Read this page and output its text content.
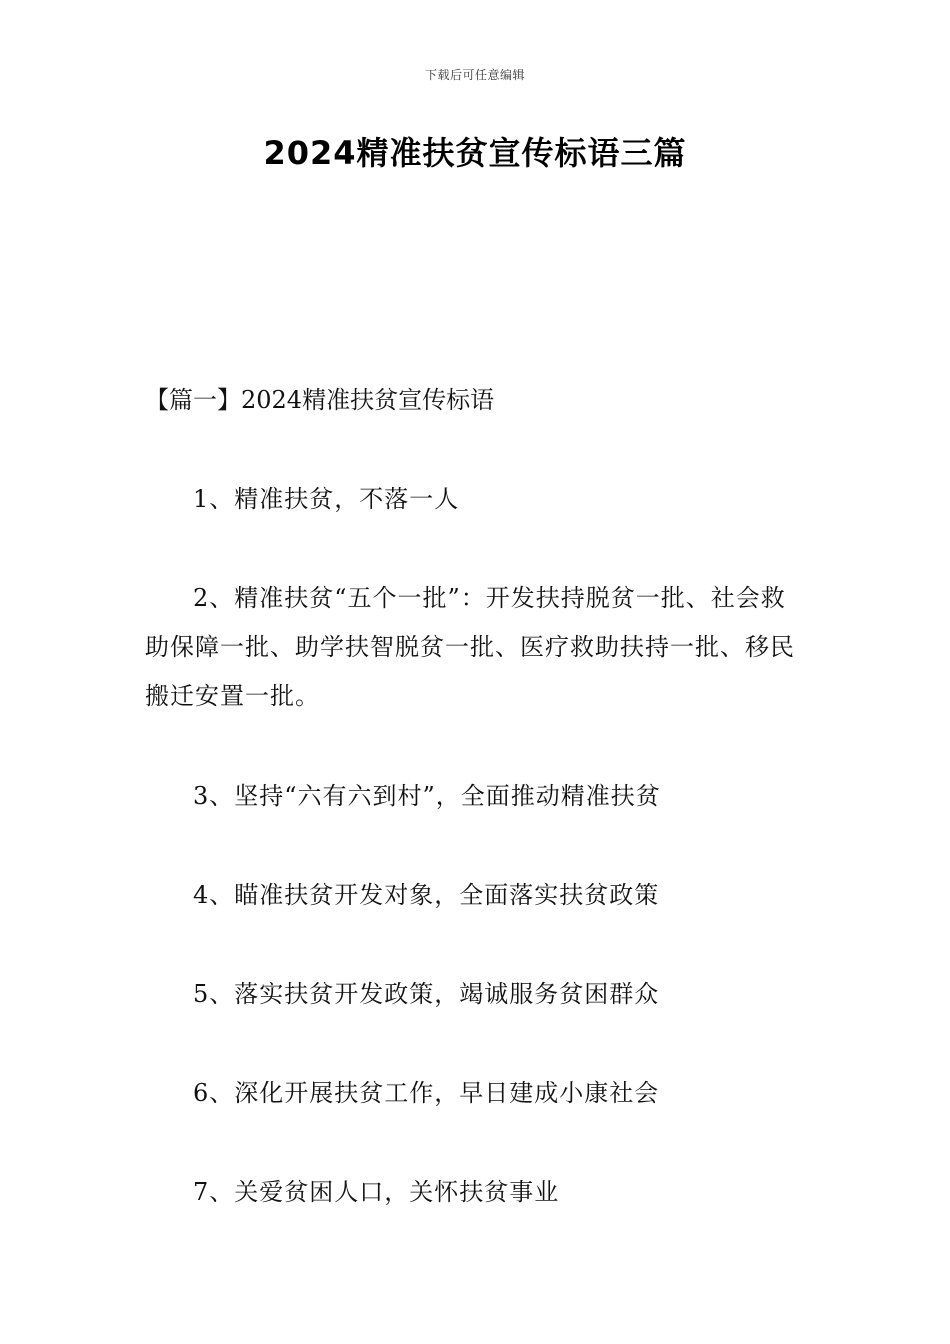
下载后可任意编辑
2024精准扶贫宣传标语三篇
【篇一】2024精准扶贫宣传标语

1、精准扶贫，不落一人

2、精准扶贫“五个一批”：开发扶持脱贫一批、社会救助保障一批、助学扶智脱贫一批、医疗救助扶持一批、移民搬迁安置一批。

3、坚持“六有六到村”，全面推动精准扶贫

4、瞄准扶贫开发对象，全面落实扶贫政策

5、落实扶贫开发政策，竭诚服务贫困群众

6、深化开展扶贫工作，早日建成小康社会

7、关爱贫困人口，关怀扶贫事业
